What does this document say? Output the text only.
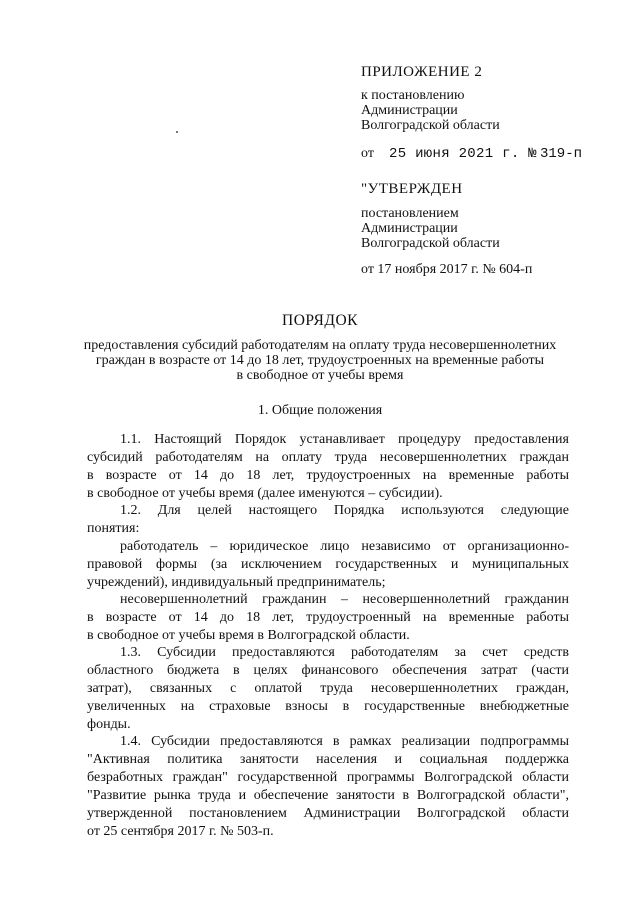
ПРИЛОЖЕНИЕ 2
к постановлению
Администрации
Волгоградской области
от 25 июня 2021 г. № 319-п
"УТВЕРЖДЕН
постановлением
Администрации
Волгоградской области
от 17 ноября 2017 г. № 604-п
ПОРЯДОК
предоставления субсидий работодателям на оплату труда несовершеннолетних
граждан в возрасте от 14 до 18 лет, трудоустроенных на временные работы
в свободное от учебы время
1. Общие положения
1.1. Настоящий Порядок устанавливает процедуру предоставления
субсидий работодателям на оплату труда несовершеннолетних граждан
в возрасте от 14 до 18 лет, трудоустроенных на временные работы
в свободное от учебы время (далее именуются – субсидии).
1.2. Для целей настоящего Порядка используются следующие
понятия:
работодатель – юридическое лицо независимо от организационно-
правовой формы (за исключением государственных и муниципальных
учреждений), индивидуальный предприниматель;
несовершеннолетний гражданин – несовершеннолетний гражданин
в возрасте от 14 до 18 лет, трудоустроенный на временные работы
в свободное от учебы время в Волгоградской области.
1.3. Субсидии предоставляются работодателям за счет средств
областного бюджета в целях финансового обеспечения затрат (части
затрат), связанных с оплатой труда несовершеннолетних граждан,
увеличенных на страховые взносы в государственные внебюджетные
фонды.
1.4. Субсидии предоставляются в рамках реализации подпрограммы
"Активная политика занятости населения и социальная поддержка
безработных граждан" государственной программы Волгоградской области
"Развитие рынка труда и обеспечение занятости в Волгоградской области",
утвержденной постановлением Администрации Волгоградской области
от 25 сентября 2017 г. № 503-п.
